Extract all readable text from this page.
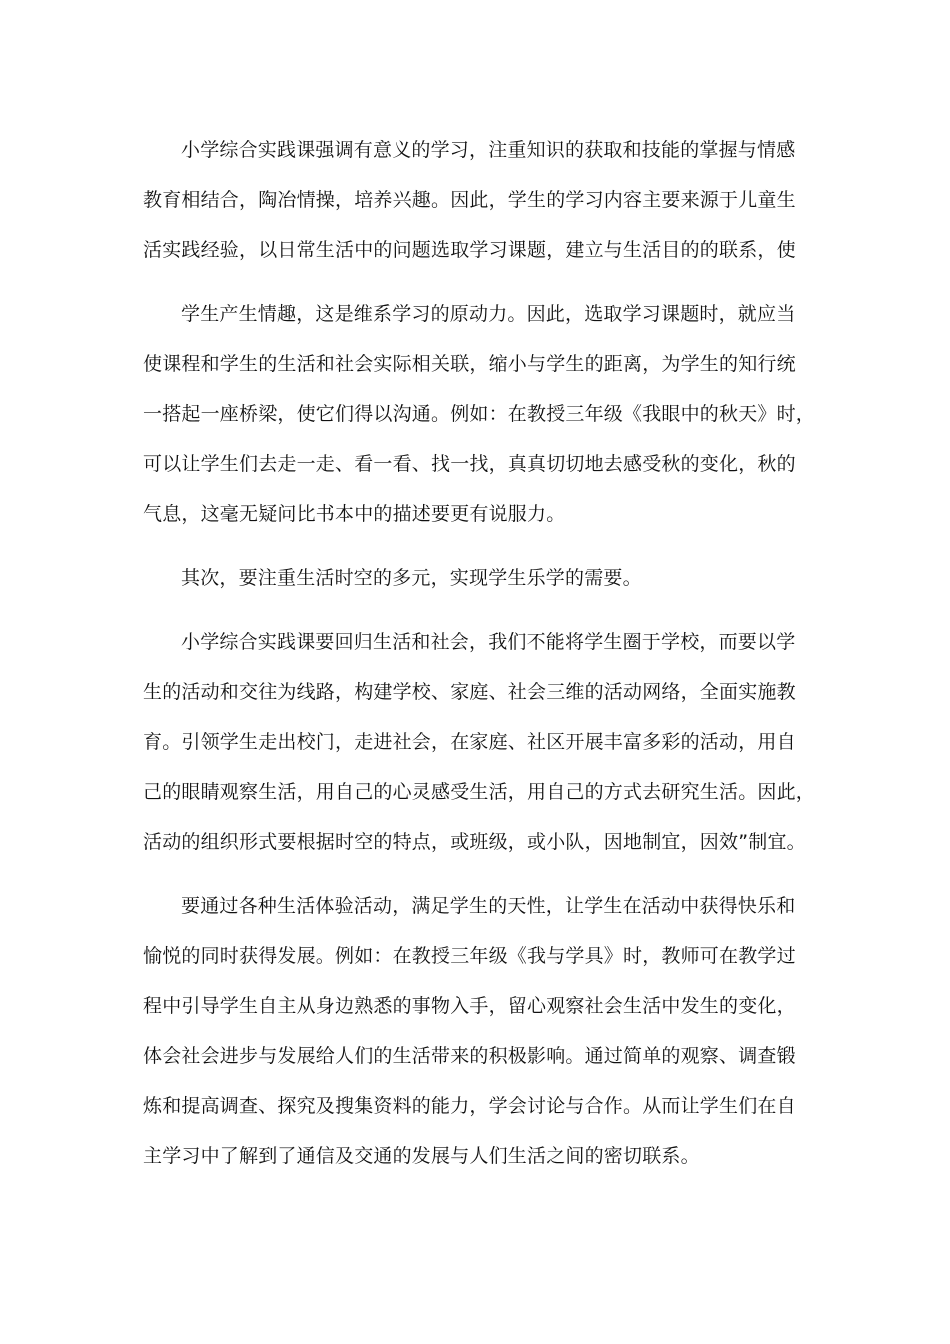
小学综合实践课强调有意义的学习，注重知识的获取和技能的掌握与情感
教育相结合，陶冶情操，培养兴趣。因此，学生的学习内容主要来源于儿童生
活实践经验，以日常生活中的问题选取学习课题，建立与生活目的的联系，使
学生产生情趣，这是维系学习的原动力。因此，选取学习课题时，就应当
使课程和学生的生活和社会实际相关联，缩小与学生的距离，为学生的知行统
一搭起一座桥梁，使它们得以沟通。例如：在教授三年级《我眼中的秋天》时，
可以让学生们去走一走、看一看、找一找，真真切切地去感受秋的变化，秋的
气息，这毫无疑问比书本中的描述要更有说服力。
其次，要注重生活时空的多元，实现学生乐学的需要。
小学综合实践课要回归生活和社会，我们不能将学生圈于学校，而要以学
生的活动和交往为线路，构建学校、家庭、社会三维的活动网络，全面实施教
育。引领学生走出校门，走进社会，在家庭、社区开展丰富多彩的活动，用自
己的眼睛观察生活，用自己的心灵感受生活，用自己的方式去研究生活。因此，
活动的组织形式要根据时空的特点，或班级，或小队，因地制宜，因效”制宜。
要通过各种生活体验活动，满足学生的天性，让学生在活动中获得快乐和
愉悦的同时获得发展。例如：在教授三年级《我与学具》时，教师可在教学过
程中引导学生自主从身边熟悉的事物入手，留心观察社会生活中发生的变化，
体会社会进步与发展给人们的生活带来的积极影响。通过简单的观察、调查锻
炼和提高调查、探究及搜集资料的能力，学会讨论与合作。从而让学生们在自
主学习中了解到了通信及交通的发展与人们生活之间的密切联系。
